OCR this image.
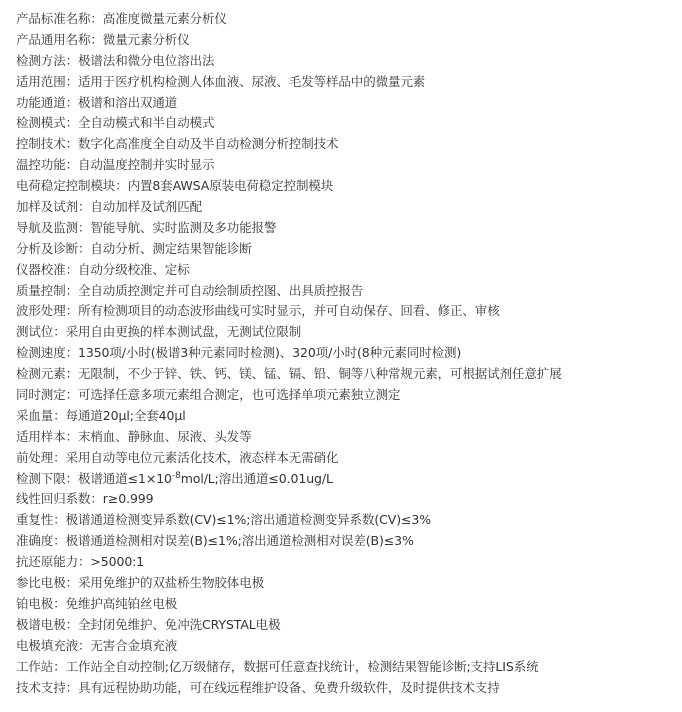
产品标准名称：高准度微量元素分析仪
产品通用名称：微量元素分析仪
检测方法：极谱法和微分电位溶出法
适用范围：适用于医疗机构检测人体血液、尿液、毛发等样品中的微量元素
功能通道：极谱和溶出双通道
检测模式：全自动模式和半自动模式
控制技术：数字化高准度全自动及半自动检测分析控制技术
温控功能：自动温度控制并实时显示
电荷稳定控制模块：内置8套AWSA原装电荷稳定控制模块
加样及试剂：自动加样及试剂匹配
导航及监测：智能导航、实时监测及多功能报警
分析及诊断：自动分析、测定结果智能诊断
仪器校准：自动分级校准、定标
质量控制：全自动质控测定并可自动绘制质控图、出具质控报告
波形处理：所有检测项目的动态波形曲线可实时显示，并可自动保存、回看、修正、审核
测试位：采用自由更换的样本测试盘，无测试位限制
检测速度：1350项/小时(极谱3种元素同时检测)、320项/小时(8种元素同时检测)
检测元素：无限制，不少于锌、铁、钙、镁、锰、镉、铅、铜等八种常规元素，可根据试剂任意扩展
同时测定：可选择任意多项元素组合测定，也可选择单项元素独立测定
采血量：每通道20μl;全套40μl
适用样本：末梢血、静脉血、尿液、头发等
前处理：采用自动等电位元素活化技术，液态样本无需硝化
检测下限：极谱通道$\le 1\times 10^{-8}mol/L$;溶出通道≤0.01ug/L
线性回归系数：r≥0.999
重复性：极谱通道检测变异系数(CV)≤1%;溶出通道检测变异系数(CV)≤3%
准确度：极谱通道检测相对误差(B)≤1%;溶出通道检测相对误差(B)≤3%
抗还原能力：>5000:1
参比电极：采用免维护的双盐桥生物胶体电极
铂电极：免维护高纯铂丝电极
极谱电极：全封闭免维护、免冲洗CRYSTAL电极
电极填充液：无害合金填充液
工作站：工作站全自动控制;亿万级储存，数据可任意查找统计，检测结果智能诊断;支持LIS系统
技术支持：具有远程协助功能，可在线远程维护设备、免费升级软件，及时提供技术支持
